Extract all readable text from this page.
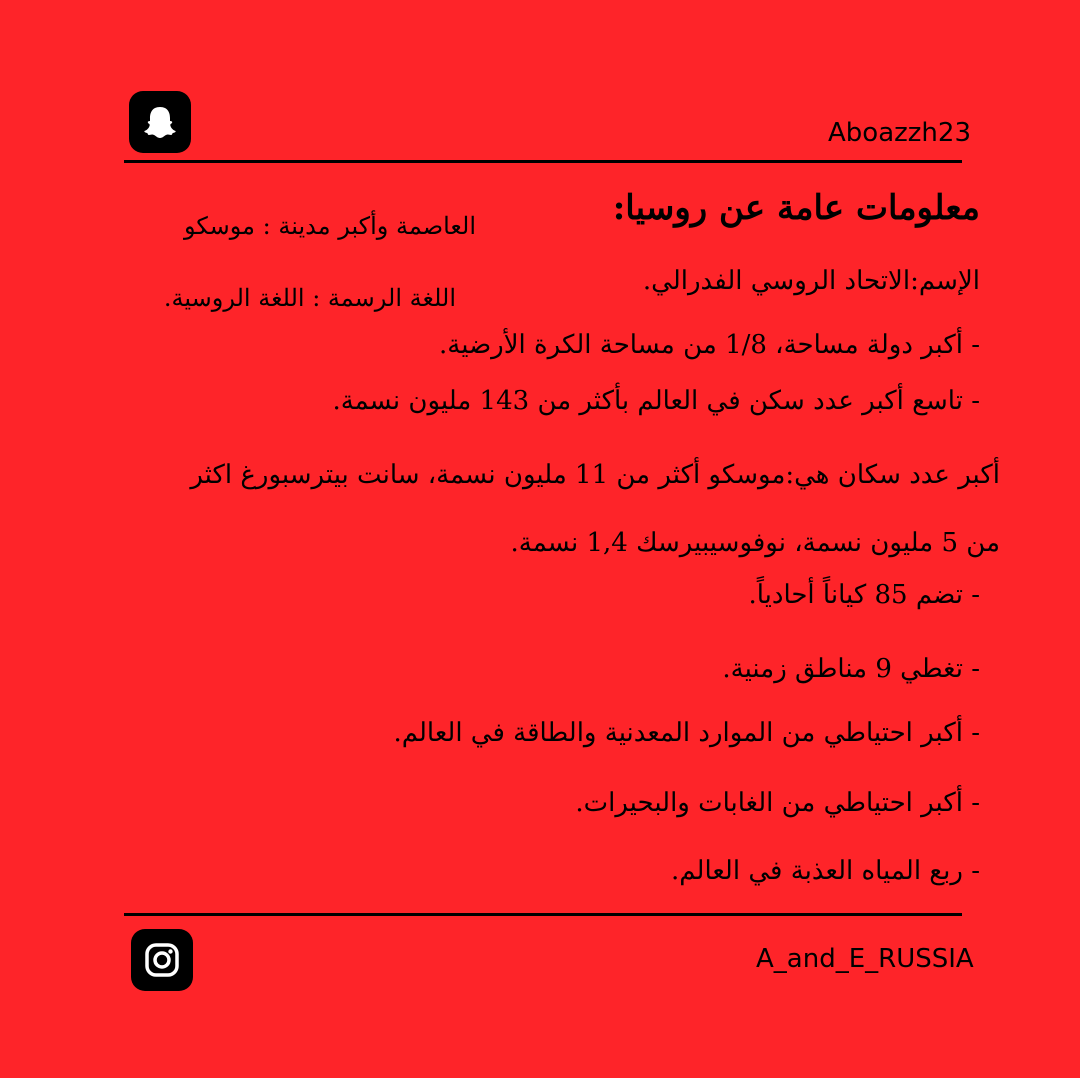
Aboazzh23
معلومات عامة عن روسيا:
العاصمة وأكبر مدينة : موسكو
الإسم:الاتحاد الروسي الفدرالي.
اللغة الرسمة : اللغة الروسية.
- أكبر دولة مساحة، 1/8 من مساحة الكرة الأرضية.
- تاسع أكبر عدد سكن في العالم بأكثر من 143 مليون نسمة.
أكبر عدد سكان هي:موسكو أكثر من 11 مليون نسمة، سانت بيترسبورغ اكثر
من 5 مليون نسمة، نوفوسيبيرسك 1,4 نسمة.
- تضم 85 كياناً أحادياً.
- تغطي 9 مناطق زمنية.
- أكبر احتياطي من الموارد المعدنية والطاقة في العالم.
- أكبر احتياطي من الغابات والبحيرات.
- ربع المياه العذبة في العالم.
A_and_E_RUSSIA
